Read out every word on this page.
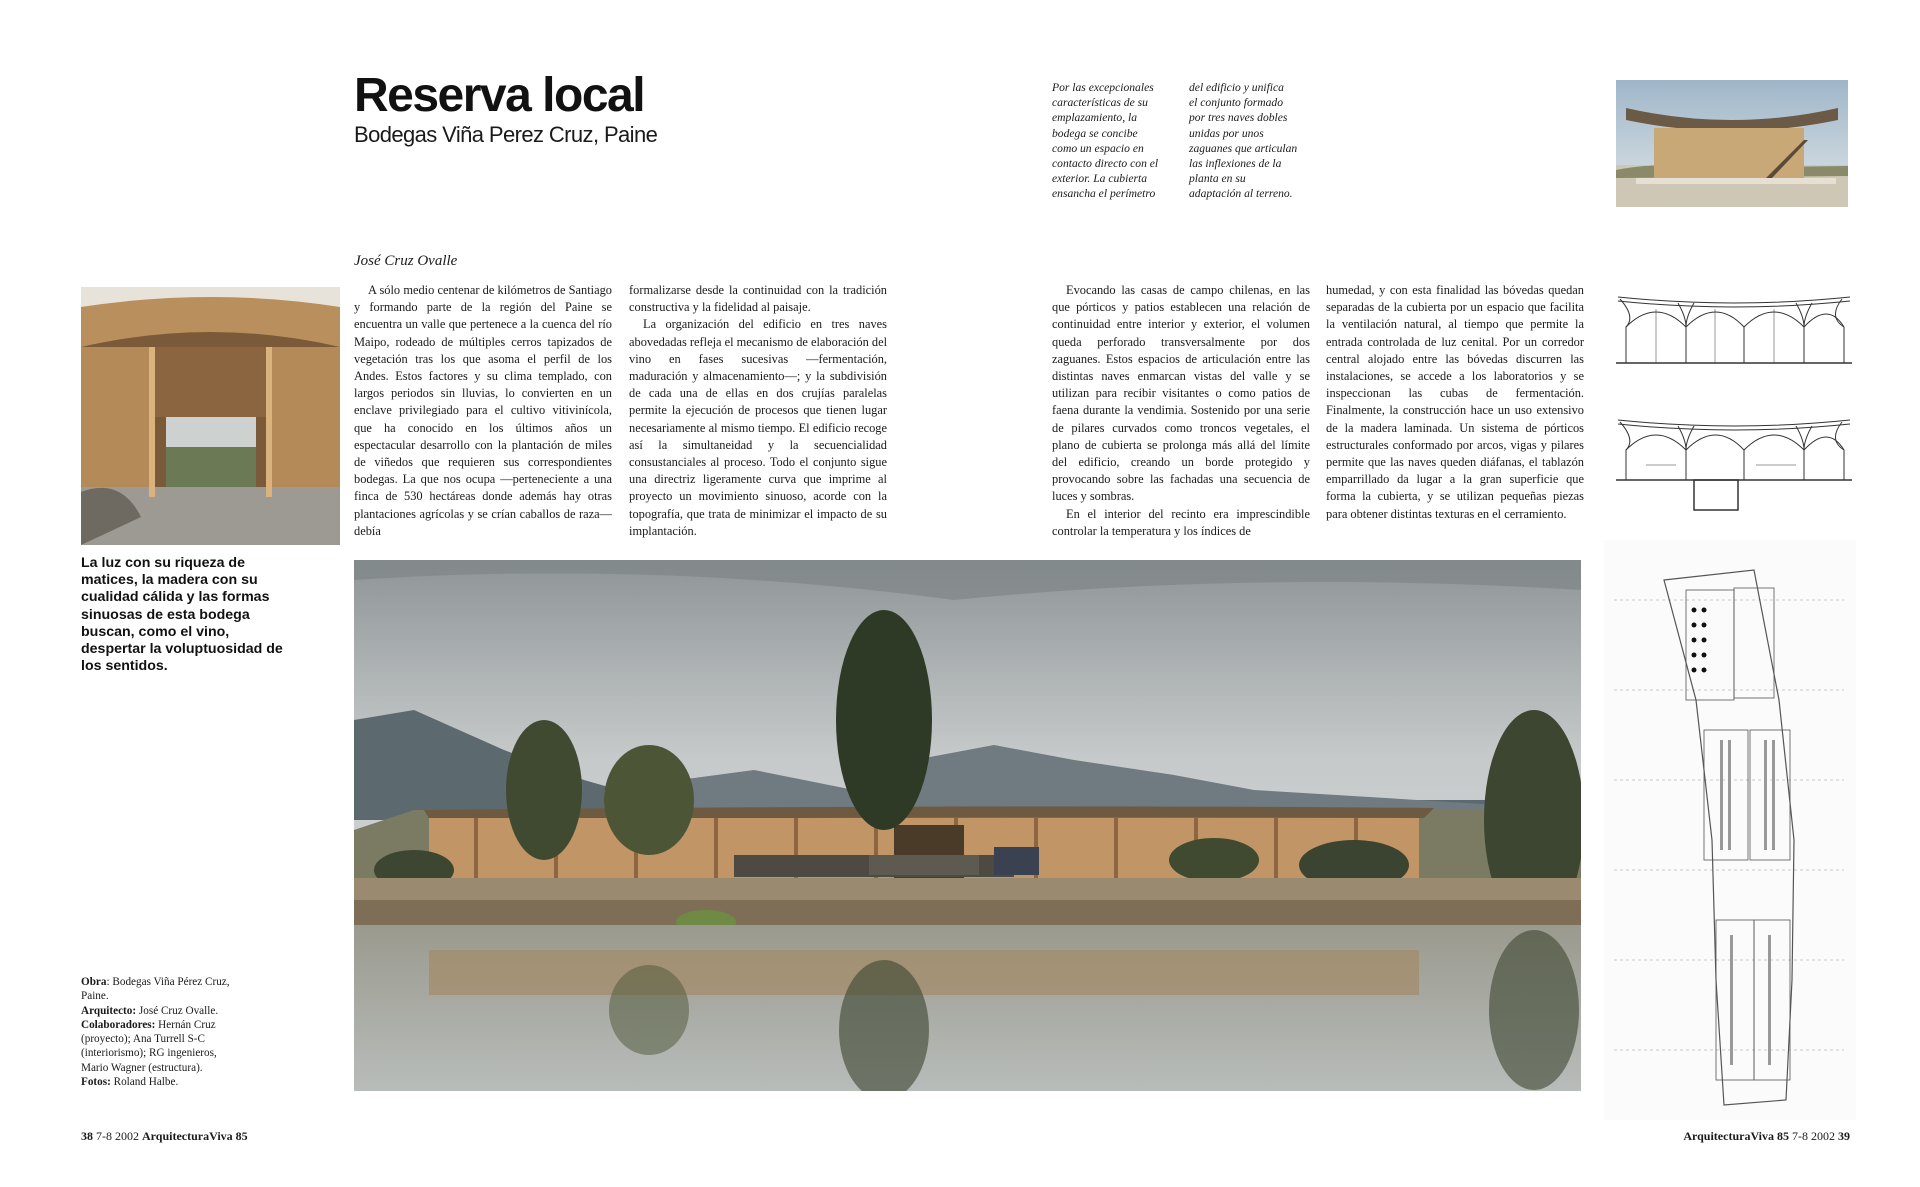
Reserva local
Bodegas Viña Perez Cruz, Paine
Por las excepcionales
características de su
emplazamiento, la
bodega se concibe
como un espacio en
contacto directo con el
exterior. La cubierta
ensancha el perímetro
del edificio y unifica
el conjunto formado
por tres naves dobles
unidas por unos
zaguanes que articulan
las inflexiones de la
planta en su
adaptación al terreno.
José Cruz Ovalle

A sólo medio centenar de kilómetros de Santiago y formando parte de la región del Paine se encuentra un valle que pertenece a la cuenca del río Maipo, rodeado de múltiples cerros tapizados de vegetación tras los que asoma el perfil de los Andes. Estos factores y su clima templado, con largos periodos sin lluvias, lo convierten en un enclave privilegiado para el cultivo vitivinícola, que ha conocido en los últimos años un espectacular desarrollo con la plantación de miles de viñedos que requieren sus correspondientes bodegas. La que nos ocupa —perteneciente a una finca de 530 hectáreas donde además hay otras plantaciones agrícolas y se crían caballos de raza— debía

formalizarse desde la continuidad con la tradición constructiva y la fidelidad al paisaje.

La organización del edificio en tres naves abovedadas refleja el mecanismo de elaboración del vino en fases sucesivas —fermentación, maduración y almacenamiento—; y la subdivisión de cada una de ellas en dos crujías paralelas permite la ejecución de procesos que tienen lugar necesariamente al mismo tiempo. El edificio recoge así la simultaneidad y la secuencialidad consustanciales al proceso. Todo el conjunto sigue una directriz ligeramente curva que imprime al proyecto un movimiento sinuoso, acorde con la topografía, que trata de minimizar el impacto de su implantación.

Evocando las casas de campo chilenas, en las que pórticos y patios establecen una relación de continuidad entre interior y exterior, el volumen queda perforado transversalmente por dos zaguanes. Estos espacios de articulación entre las distintas naves enmarcan vistas del valle y se utilizan para recibir visitantes o como patios de faena durante la vendimia. Sostenido por una serie de pilares curvados como troncos vegetales, el plano de cubierta se prolonga más allá del límite del edificio, creando un borde protegido y provocando sobre las fachadas una secuencia de luces y sombras.

En el interior del recinto era imprescindible controlar la temperatura y los índices de

humedad, y con esta finalidad las bóvedas quedan separadas de la cubierta por un espacio que facilita la ventilación natural, al tiempo que permite la entrada controlada de luz cenital. Por un corredor central alojado entre las bóvedas discurren las instalaciones, se accede a los laboratorios y se inspeccionan las cubas de fermentación. Finalmente, la construcción hace un uso extensivo de la madera laminada. Un sistema de pórticos estructurales conformado por arcos, vigas y pilares permite que las naves queden diáfanas, el tablazón emparrillado da lugar a la gran superficie que forma la cubierta, y se utilizan pequeñas piezas para obtener distintas texturas en el cerramiento.

La luz con su riqueza de matices, la madera con su cualidad cálida y las formas sinuosas de esta bodega buscan, como el vino, despertar la voluptuosidad de los sentidos.
Obra: Bodegas Viña Pérez Cruz, Paine.
Arquitecto: José Cruz Ovalle.
Colaboradores: Hernán Cruz (proyecto); Ana Turrell S-C (interiorismo); RG ingenieros, Mario Wagner (estructura).
Fotos: Roland Halbe.
38 7-8 2002 ArquitecturaViva 85	ArquitecturaViva 85 7-8 2002 39
